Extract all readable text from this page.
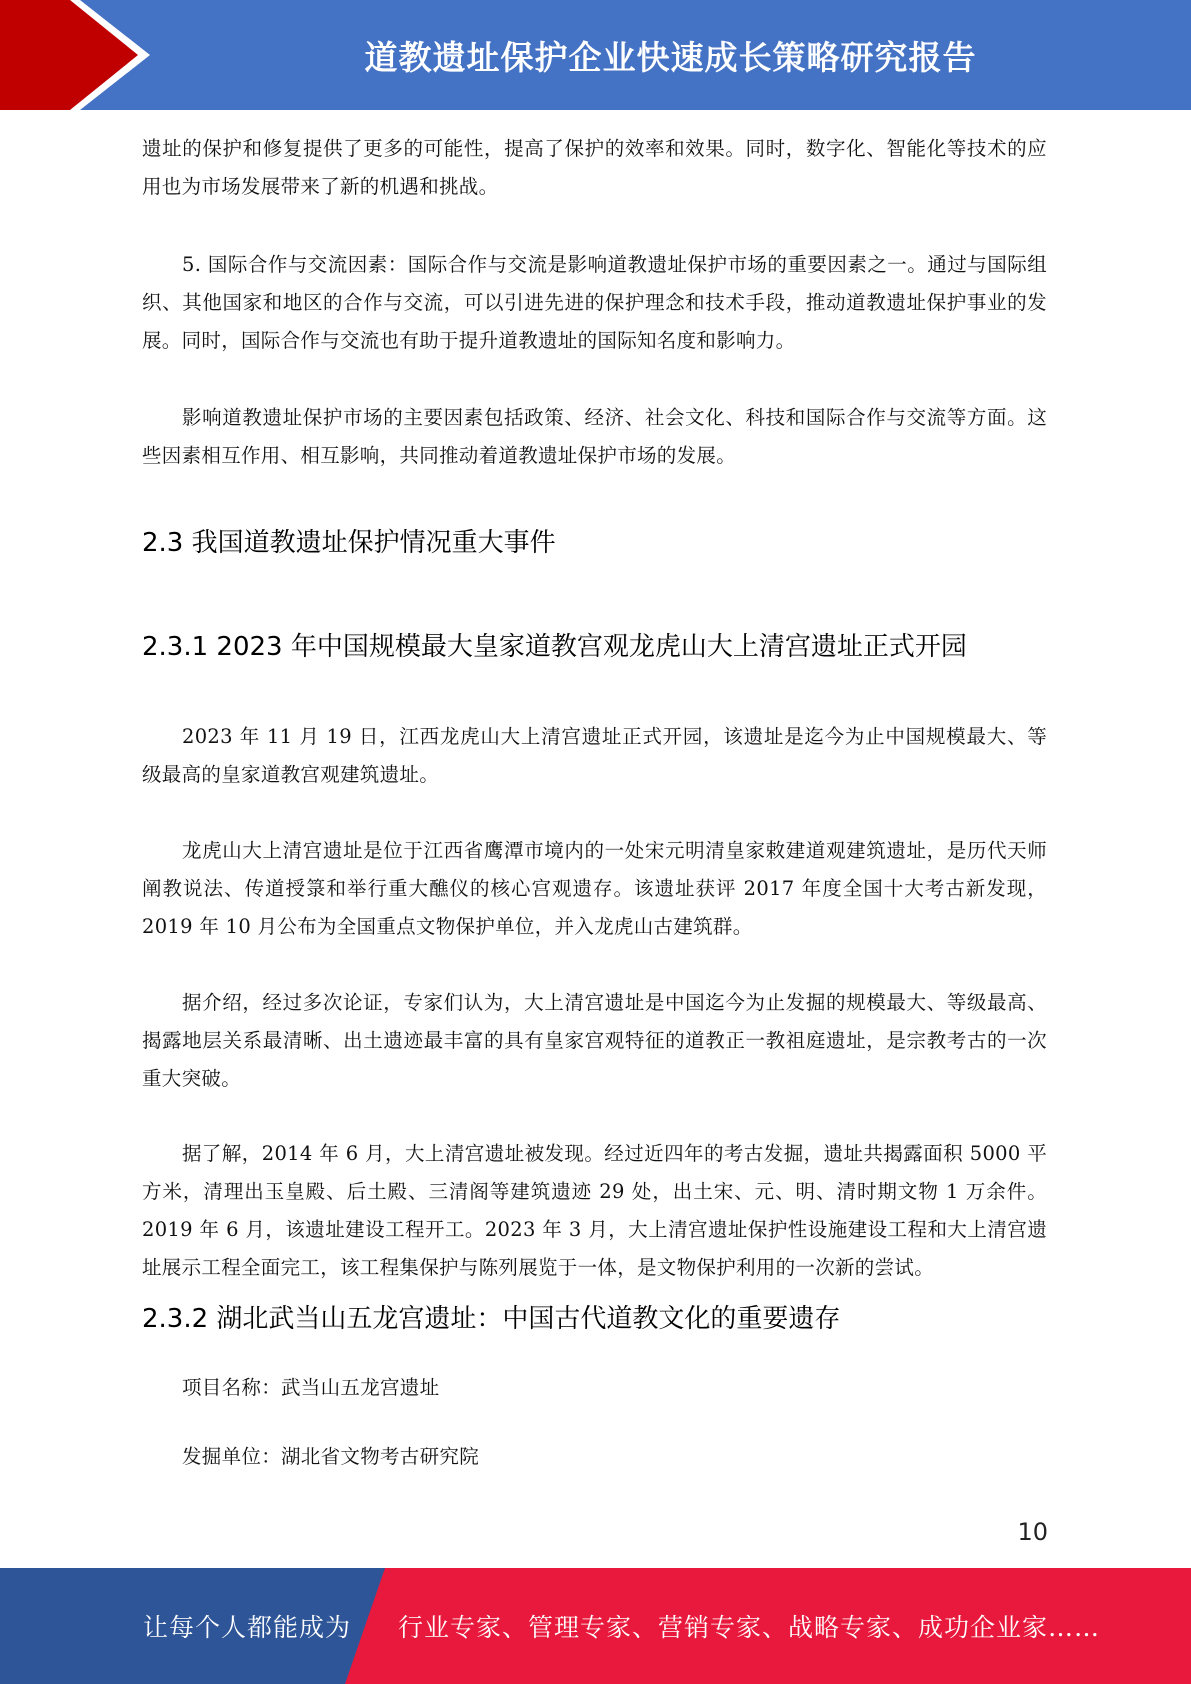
道教遗址保护企业快速成长策略研究报告

遗址的保护和修复提供了更多的可能性，提高了保护的效率和效果。同时，数字化、智能化等技术的应用也为市场发展带来了新的机遇和挑战。

5. 国际合作与交流因素：国际合作与交流是影响道教遗址保护市场的重要因素之一。通过与国际组织、其他国家和地区的合作与交流，可以引进先进的保护理念和技术手段，推动道教遗址保护事业的发展。同时，国际合作与交流也有助于提升道教遗址的国际知名度和影响力。

影响道教遗址保护市场的主要因素包括政策、经济、社会文化、科技和国际合作与交流等方面。这些因素相互作用、相互影响，共同推动着道教遗址保护市场的发展。

2.3 我国道教遗址保护情况重大事件
2.3.1 2023 年中国规模最大皇家道教宫观龙虎山大上清宫遗址正式开园

2023 年 11 月 19 日，江西龙虎山大上清宫遗址正式开园，该遗址是迄今为止中国规模最大、等级最高的皇家道教宫观建筑遗址。

龙虎山大上清宫遗址是位于江西省鹰潭市境内的一处宋元明清皇家敕建道观建筑遗址，是历代天师阐教说法、传道授箓和举行重大醮仪的核心宫观遗存。该遗址获评 2017 年度全国十大考古新发现，2019 年 10 月公布为全国重点文物保护单位，并入龙虎山古建筑群。

据介绍，经过多次论证，专家们认为，大上清宫遗址是中国迄今为止发掘的规模最大、等级最高、揭露地层关系最清晰、出土遗迹最丰富的具有皇家宫观特征的道教正一教祖庭遗址，是宗教考古的一次重大突破。

据了解，2014 年 6 月，大上清宫遗址被发现。经过近四年的考古发掘，遗址共揭露面积 5000 平方米，清理出玉皇殿、后土殿、三清阁等建筑遗迹 29 处，出土宋、元、明、清时期文物 1 万余件。2019 年 6 月，该遗址建设工程开工。2023 年 3 月，大上清宫遗址保护性设施建设工程和大上清宫遗址展示工程全面完工，该工程集保护与陈列展览于一体，是文物保护利用的一次新的尝试。

2.3.2 湖北武当山五龙宫遗址：中国古代道教文化的重要遗存

项目名称：武当山五龙宫遗址

发掘单位：湖北省文物考古研究院

10
让每个人都能成为 行业专家、管理专家、营销专家、战略专家、成功企业家……
